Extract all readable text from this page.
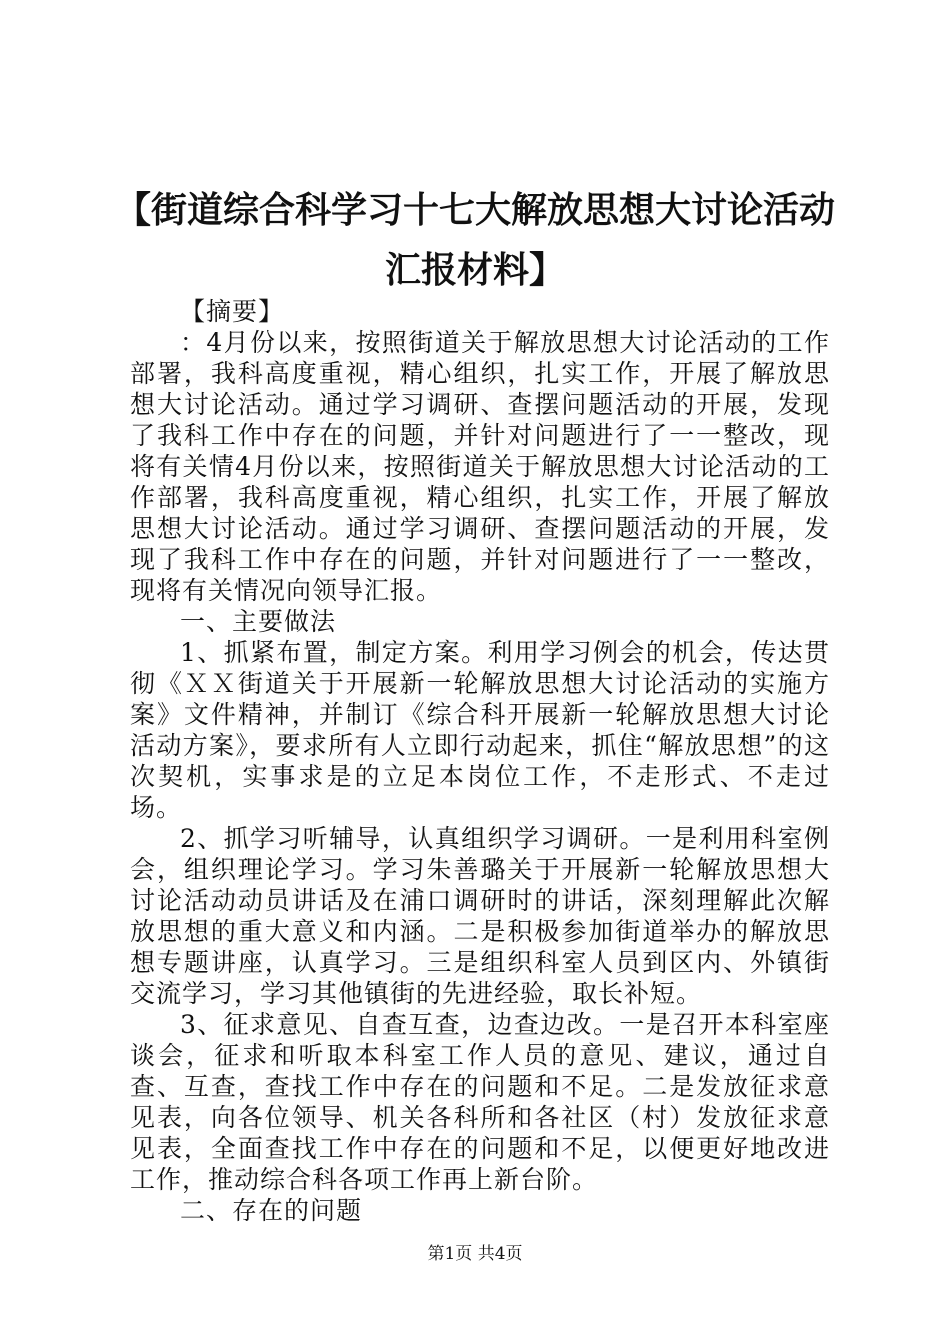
【街道综合科学习十七大解放思想大讨论活动汇报材料】

【摘要】

：4月份以来，按照街道关于解放思想大讨论活动的工作部署，我科高度重视，精心组织，扎实工作，开展了解放思想大讨论活动。通过学习调研、查摆问题活动的开展，发现了我科工作中存在的问题，并针对问题进行了一一整改，现将有关情4月份以来，按照街道关于解放思想大讨论活动的工作部署，我科高度重视，精心组织，扎实工作，开展了解放思想大讨论活动。通过学习调研、查摆问题活动的开展，发现了我科工作中存在的问题，并针对问题进行了一一整改，现将有关情况向领导汇报。

一、主要做法

1、抓紧布置，制定方案。利用学习例会的机会，传达贯彻《ＸＸ街道关于开展新一轮解放思想大讨论活动的实施方案》文件精神，并制订《综合科开展新一轮解放思想大讨论活动方案》，要求所有人立即行动起来，抓住“解放思想”的这次契机，实事求是的立足本岗位工作，不走形式、不走过场。

2、抓学习听辅导，认真组织学习调研。一是利用科室例会，组织理论学习。学习朱善璐关于开展新一轮解放思想大讨论活动动员讲话及在浦口调研时的讲话，深刻理解此次解放思想的重大意义和内涵。二是积极参加街道举办的解放思想专题讲座，认真学习。三是组织科室人员到区内、外镇街交流学习，学习其他镇街的先进经验，取长补短。

3、征求意见、自查互查，边查边改。一是召开本科室座谈会，征求和听取本科室工作人员的意见、建议，通过自查、互查，查找工作中存在的问题和不足。二是发放征求意见表，向各位领导、机关各科所和各社区（村）发放征求意见表，全面查找工作中存在的问题和不足，以便更好地改进工作，推动综合科各项工作再上新台阶。

二、存在的问题

第1页 共4页
